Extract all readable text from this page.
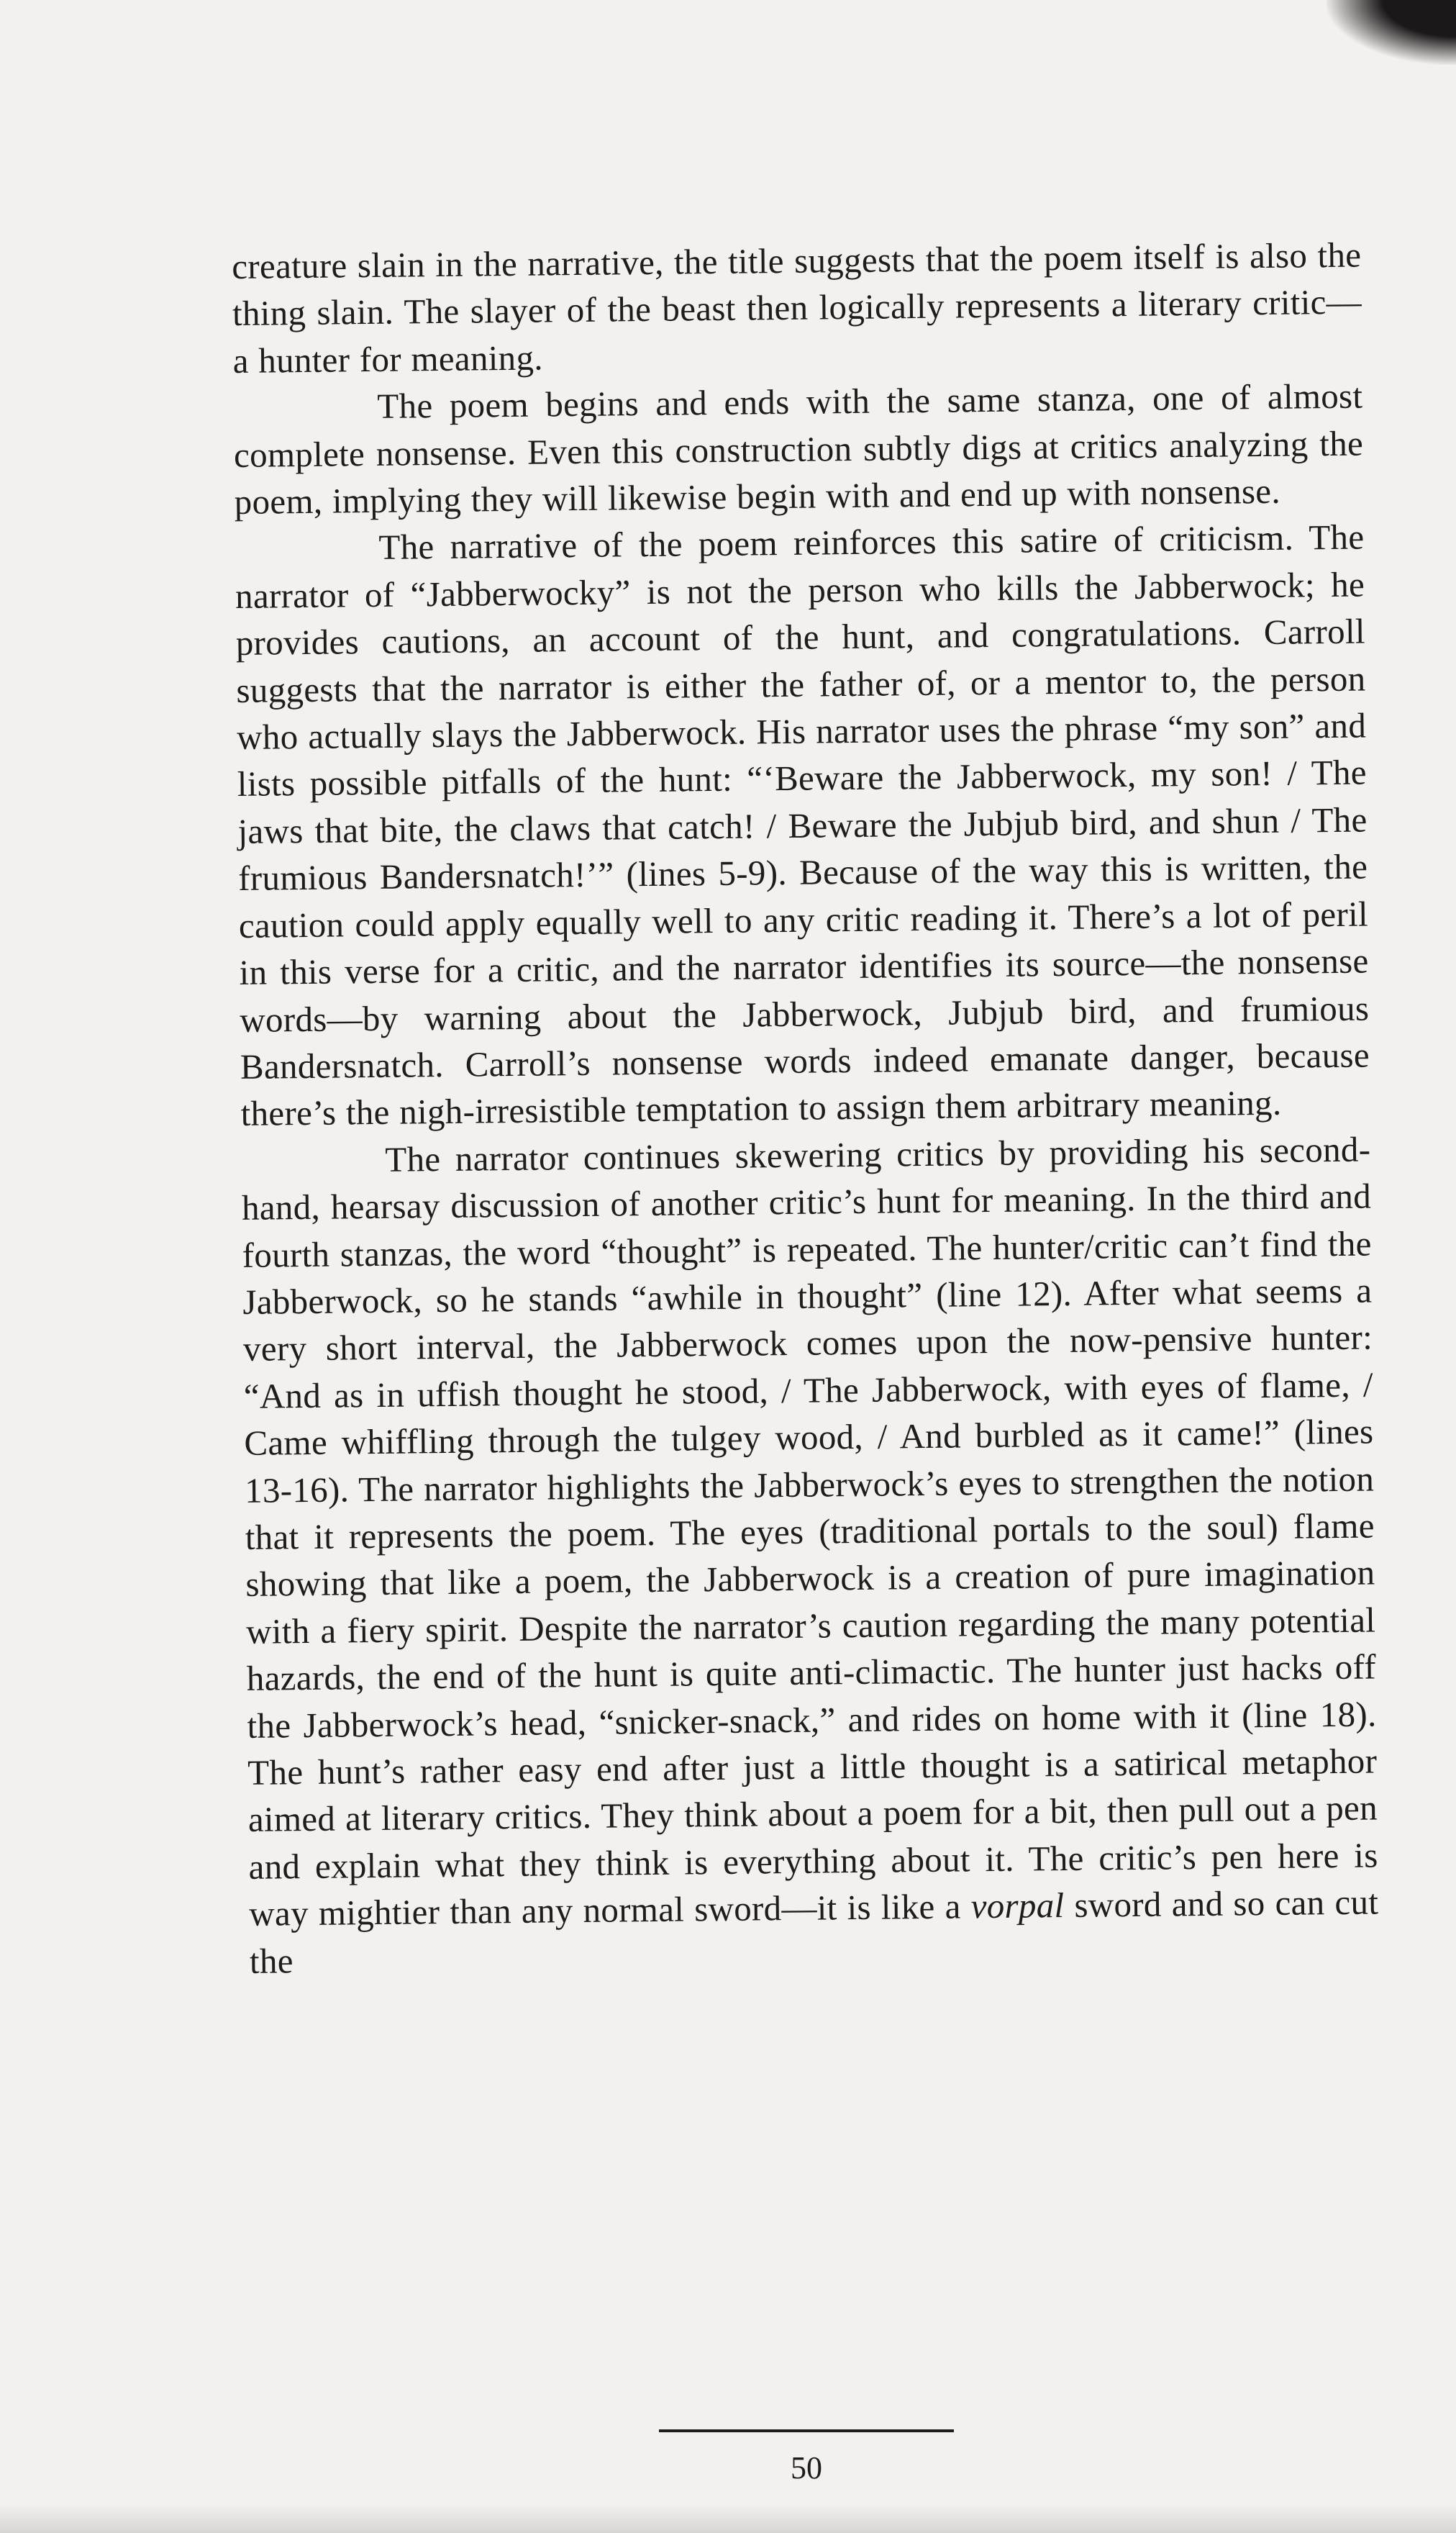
creature slain in the narrative, the title suggests that the poem itself is also the thing slain. The slayer of the beast then logically represents a literary critic—a hunter for meaning.

The poem begins and ends with the same stanza, one of almost complete nonsense. Even this construction subtly digs at critics analyzing the poem, implying they will likewise begin with and end up with nonsense.

The narrative of the poem reinforces this satire of criticism. The narrator of “Jabberwocky” is not the person who kills the Jabberwock; he provides cautions, an account of the hunt, and congratulations. Carroll suggests that the narrator is either the father of, or a mentor to, the person who actually slays the Jabberwock. His narrator uses the phrase “my son” and lists possible pitfalls of the hunt: “‘Beware the Jabberwock, my son! / The jaws that bite, the claws that catch! / Beware the Jubjub bird, and shun / The frumious Bandersnatch!’” (lines 5-9). Because of the way this is written, the caution could apply equally well to any critic reading it. There’s a lot of peril in this verse for a critic, and the narrator identifies its source—the nonsense words—by warning about the Jabberwock, Jubjub bird, and frumious Bandersnatch. Carroll’s nonsense words indeed emanate danger, because there’s the nigh-irresistible temptation to assign them arbitrary meaning.

The narrator continues skewering critics by providing his second-hand, hearsay discussion of another critic’s hunt for meaning. In the third and fourth stanzas, the word “thought” is repeated. The hunter/critic can’t find the Jabberwock, so he stands “awhile in thought” (line 12). After what seems a very short interval, the Jabberwock comes upon the now-pensive hunter: “And as in uffish thought he stood, / The Jabberwock, with eyes of flame, / Came whiffling through the tulgey wood, / And burbled as it came!” (lines 13-16). The narrator highlights the Jabberwock’s eyes to strengthen the notion that it represents the poem. The eyes (traditional portals to the soul) flame showing that like a poem, the Jabberwock is a creation of pure imagination with a fiery spirit. Despite the narrator’s caution regarding the many potential hazards, the end of the hunt is quite anti-climactic. The hunter just hacks off the Jabberwock’s head, “snicker-snack,” and rides on home with it (line 18). The hunt’s rather easy end after just a little thought is a satirical metaphor aimed at literary critics. They think about a poem for a bit, then pull out a pen and explain what they think is everything about it. The critic’s pen here is way mightier than any normal sword—it is like a vorpal sword and so can cut the

50
